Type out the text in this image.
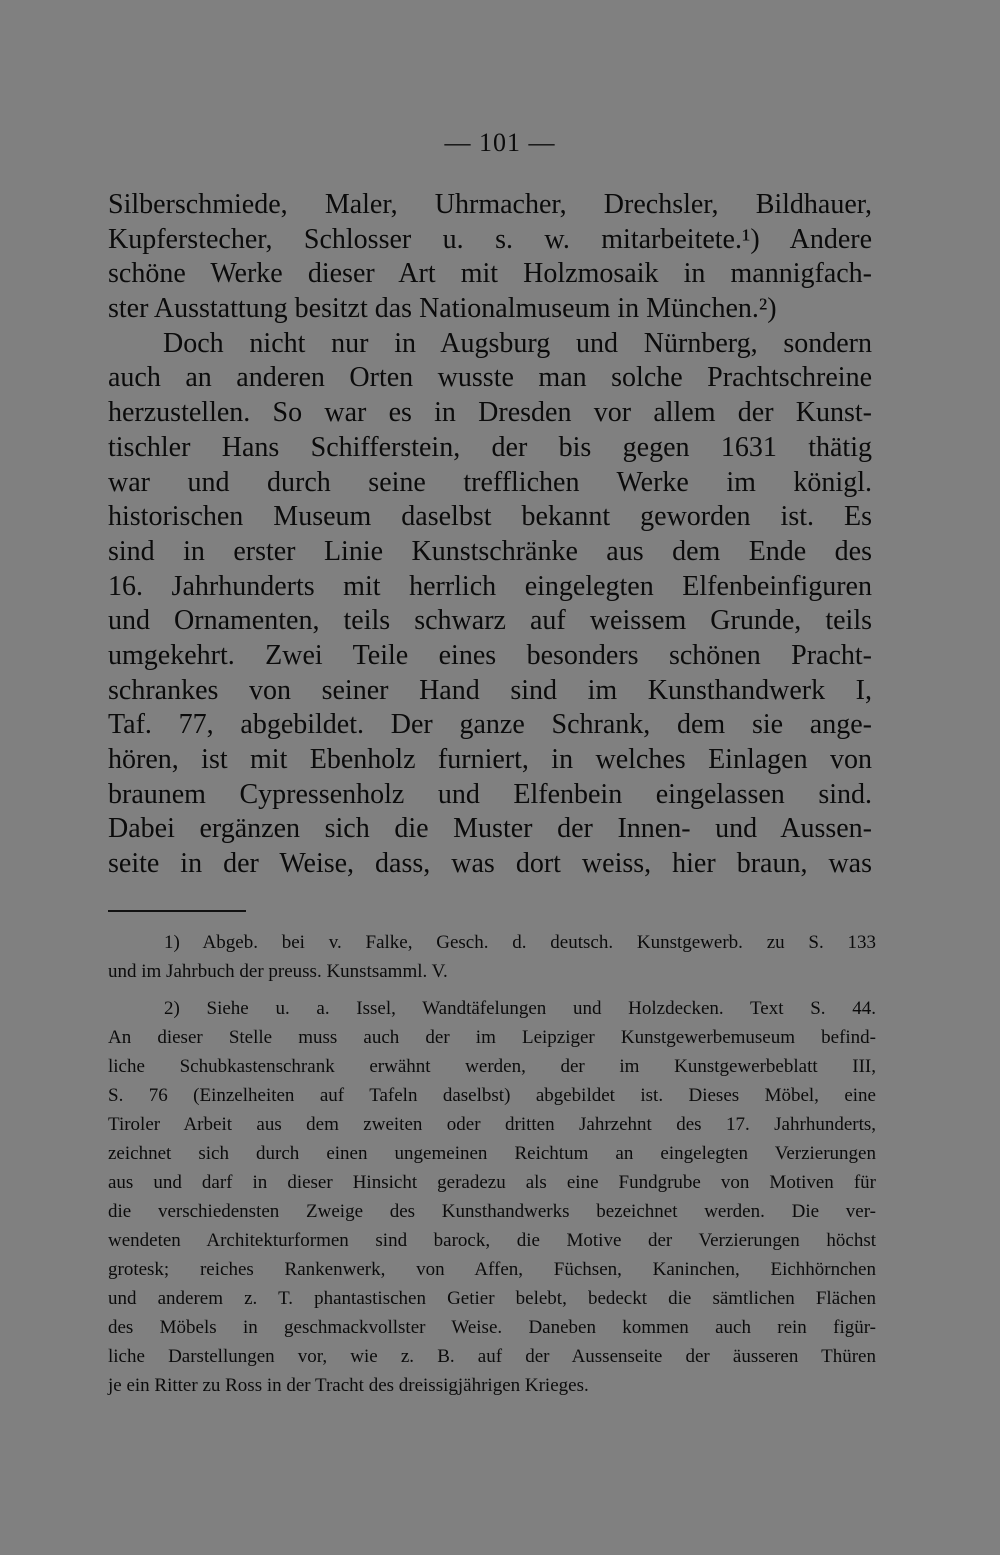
— 101 —
Silberschmiede, Maler, Uhrmacher, Drechsler, Bildhauer,
Kupferstecher, Schlosser u. s. w. mitarbeitete.¹) Andere
schöne Werke dieser Art mit Holzmosaik in mannigfach-
ster Ausstattung besitzt das Nationalmuseum in München.²)
Doch nicht nur in Augsburg und Nürnberg, sondern
auch an anderen Orten wusste man solche Prachtschreine
herzustellen. So war es in Dresden vor allem der Kunst-
tischler Hans Schifferstein, der bis gegen 1631 thätig
war und durch seine trefflichen Werke im königl.
historischen Museum daselbst bekannt geworden ist. Es
sind in erster Linie Kunstschränke aus dem Ende des
16. Jahrhunderts mit herrlich eingelegten Elfenbeinfiguren
und Ornamenten, teils schwarz auf weissem Grunde, teils
umgekehrt. Zwei Teile eines besonders schönen Pracht-
schrankes von seiner Hand sind im Kunsthandwerk I,
Taf. 77, abgebildet. Der ganze Schrank, dem sie ange-
hören, ist mit Ebenholz furniert, in welches Einlagen von
braunem Cypressenholz und Elfenbein eingelassen sind.
Dabei ergänzen sich die Muster der Innen- und Aussen-
seite in der Weise, dass, was dort weiss, hier braun, was
1) Abgeb. bei v. Falke, Gesch. d. deutsch. Kunstgewerb. zu S. 133
und im Jahrbuch der preuss. Kunstsamml. V.
2) Siehe u. a. Issel, Wandtäfelungen und Holzdecken. Text S. 44.
An dieser Stelle muss auch der im Leipziger Kunstgewerbemuseum befind-
liche Schubkastenschrank erwähnt werden, der im Kunstgewerbeblatt III,
S. 76 (Einzelheiten auf Tafeln daselbst) abgebildet ist. Dieses Möbel, eine
Tiroler Arbeit aus dem zweiten oder dritten Jahrzehnt des 17. Jahrhunderts,
zeichnet sich durch einen ungemeinen Reichtum an eingelegten Verzierungen
aus und darf in dieser Hinsicht geradezu als eine Fundgrube von Motiven für
die verschiedensten Zweige des Kunsthandwerks bezeichnet werden. Die ver-
wendeten Architekturformen sind barock, die Motive der Verzierungen höchst
grotesk; reiches Rankenwerk, von Affen, Füchsen, Kaninchen, Eichhörnchen
und anderem z. T. phantastischen Getier belebt, bedeckt die sämtlichen Flächen
des Möbels in geschmackvollster Weise. Daneben kommen auch rein figür-
liche Darstellungen vor, wie z. B. auf der Aussenseite der äusseren Thüren
je ein Ritter zu Ross in der Tracht des dreissigjährigen Krieges.
